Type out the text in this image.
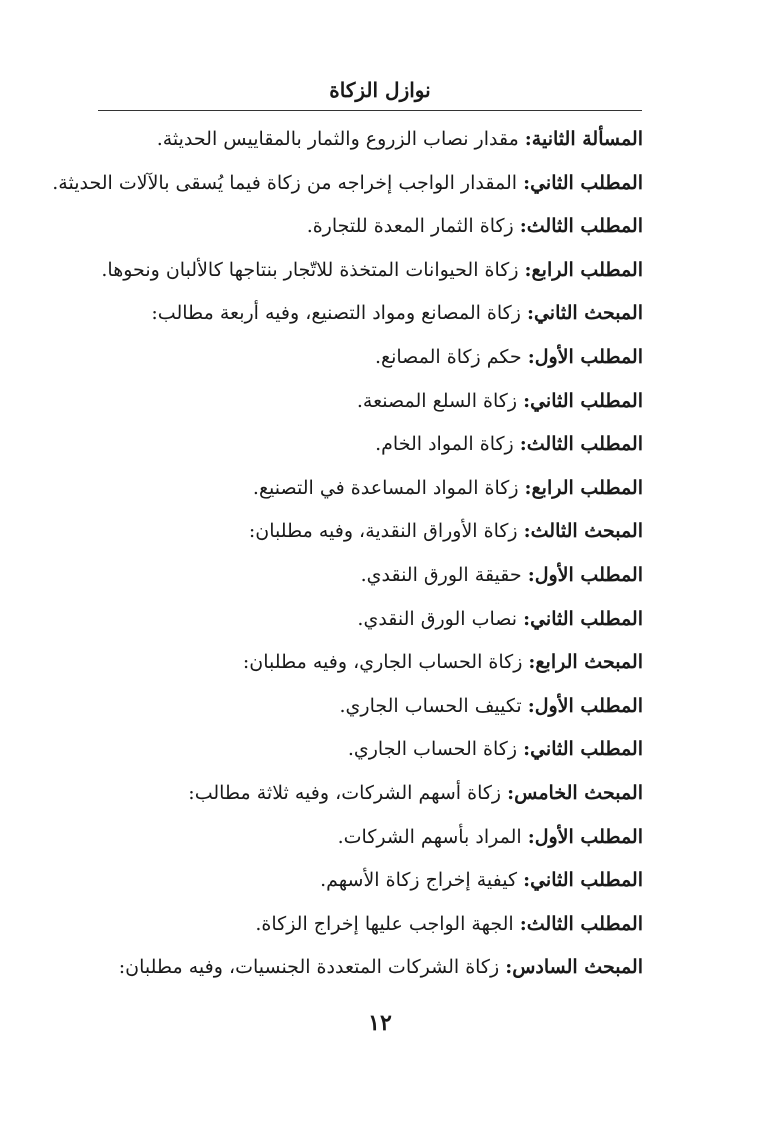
نوازل الزكاة
المسألة الثانية: مقدار نصاب الزروع والثمار بالمقاييس الحديثة.
المطلب الثاني: المقدار الواجب إخراجه من زكاة فيما يُسقى بالآلات الحديثة.
المطلب الثالث: زكاة الثمار المعدة للتجارة.
المطلب الرابع: زكاة الحيوانات المتخذة للاتّجار بنتاجها كالألبان ونحوها.
المبحث الثاني: زكاة المصانع ومواد التصنيع، وفيه أربعة مطالب:
المطلب الأول: حكم زكاة المصانع.
المطلب الثاني: زكاة السلع المصنعة.
المطلب الثالث: زكاة المواد الخام.
المطلب الرابع: زكاة المواد المساعدة في التصنيع.
المبحث الثالث: زكاة الأوراق النقدية، وفيه مطلبان:
المطلب الأول: حقيقة الورق النقدي.
المطلب الثاني: نصاب الورق النقدي.
المبحث الرابع: زكاة الحساب الجاري، وفيه مطلبان:
المطلب الأول: تكييف الحساب الجاري.
المطلب الثاني: زكاة الحساب الجاري.
المبحث الخامس: زكاة أسهم الشركات، وفيه ثلاثة مطالب:
المطلب الأول: المراد بأسهم الشركات.
المطلب الثاني: كيفية إخراج زكاة الأسهم.
المطلب الثالث: الجهة الواجب عليها إخراج الزكاة.
المبحث السادس: زكاة الشركات المتعددة الجنسيات، وفيه مطلبان:
١٢
